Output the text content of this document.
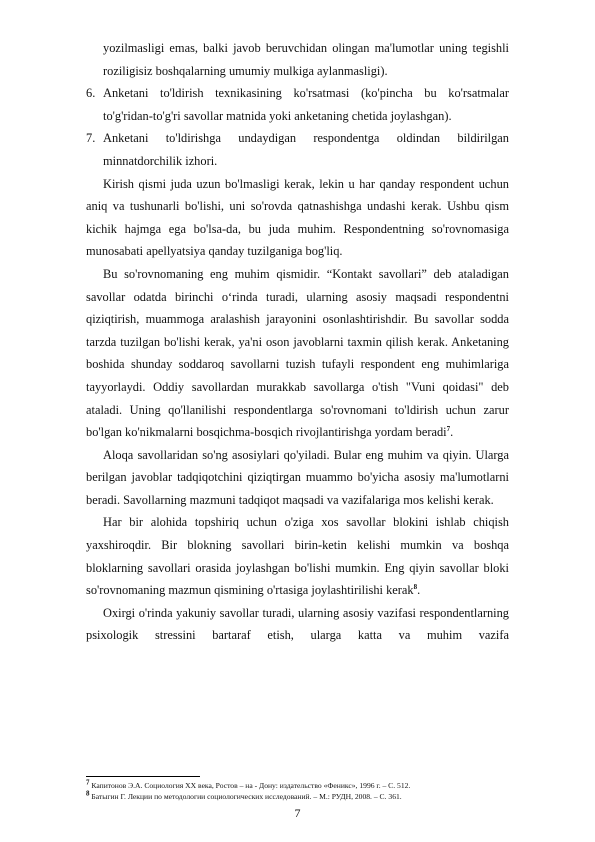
yozilmasligi emas, balki javob beruvchidan olingan ma'lumotlar uning tegishli roziligisiz boshqalarning umumiy mulkiga aylanmasligi).

6. Anketani to'ldirish texnikasining ko'rsatmasi (ko'pincha bu ko'rsatmalar to'g'ridan-to'g'ri savollar matnida yoki anketaning chetida joylashgan).

7. Anketani to'ldirishga undaydigan respondentga oldindan bildirilgan minnatdorchilik izhori.

Kirish qismi juda uzun bo'lmasligi kerak, lekin u har qanday respondent uchun aniq va tushunarli bo'lishi, uni so'rovda qatnashishga undashi kerak. Ushbu qism kichik hajmga ega bo'lsa-da, bu juda muhim. Respondentning so'rovnomasiga munosabati apellyatsiya qanday tuzilganiga bog'liq.

Bu so'rovnomaning eng muhim qismidir. “Kontakt savollari” deb ataladigan savollar odatda birinchi o‘rinda turadi, ularning asosiy maqsadi respondentni qiziqtirish, muammoga aralashish jarayonini osonlashtirishdir. Bu savollar sodda tarzda tuzilgan bo'lishi kerak, ya'ni oson javoblarni taxmin qilish kerak. Anketaning boshida shunday soddaroq savollarni tuzish tufayli respondent eng muhimlariga tayyorlaydi. Oddiy savollardan murakkab savollarga o'tish "Vuni qoidasi" deb ataladi. Uning qo'llanilishi respondentlarga so'rovnomani to'ldirish uchun zarur bo'lgan ko'nikmalarni bosqichma-bosqich rivojlantirishga yordam beradi$^7$.

Aloqa savollaridan so'ng asosiylari qo'yiladi. Bular eng muhim va qiyin. Ularga berilgan javoblar tadqiqotchini qiziqtirgan muammo bo'yicha asosiy ma'lumotlarni beradi. Savollarning mazmuni tadqiqot maqsadi va vazifalariga mos kelishi kerak.

Har bir alohida topshiriq uchun o'ziga xos savollar blokini ishlab chiqish yaxshiroqdir. Bir blokning savollari birin-ketin kelishi mumkin va boshqa bloklarning savollari orasida joylashgan bo'lishi mumkin. Eng qiyin savollar bloki so'rovnomaning mazmun qismining o'rtasiga joylashtirilishi kerak$^8$.

Oxirgi o'rinda yakuniy savollar turadi, ularning asosiy vazifasi respondentlarning psixologik stressini bartaraf etish, ularga katta va muhim vazifa

$^7$ Капитонов Э.А. Социология XX века, Ростов – на - Дону: издательство «Феникс», 1996 г. – С. 512.

$^8$ Батыгин Г. Лекции по методологии социологических исследований. – М.: РУДН, 2008. – С. 361.

7
